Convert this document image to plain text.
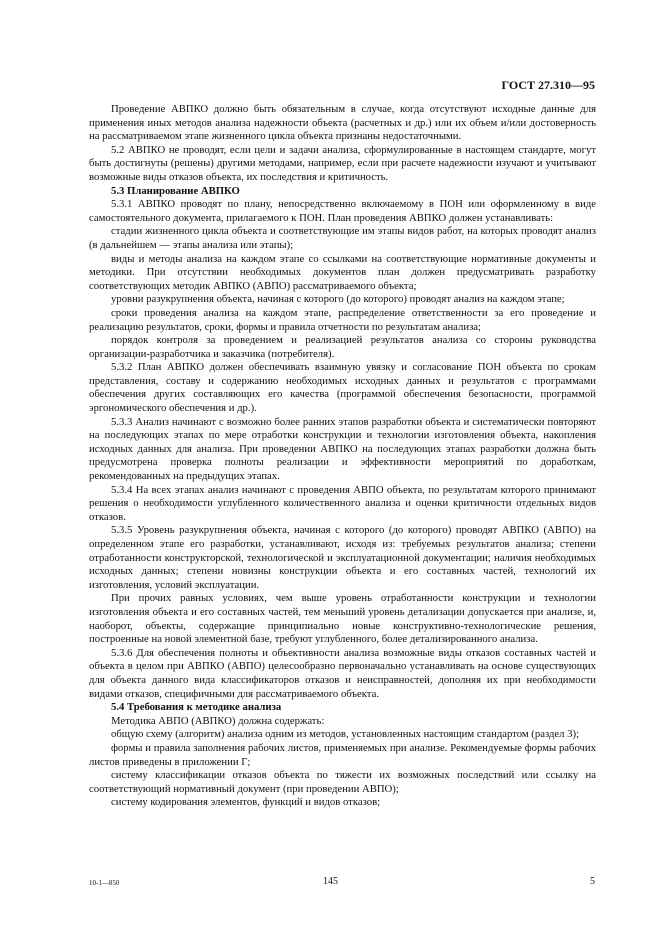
ГОСТ 27.310—95

Проведение АВПКО должно быть обязательным в случае, когда отсутствуют исходные данные для применения иных методов анализа надежности объекта (расчетных и др.) или их объем и/или достоверность на рассматриваемом этапе жизненного цикла объекта признаны недостаточными.

5.2 АВПКО не проводят, если цели и задачи анализа, сформулированные в настоящем стандарте, могут быть достигнуты (решены) другими методами, например, если при расчете надежности изучают и учитывают возможные виды отказов объекта, их последствия и критичность.

5.3 Планирование АВПКО

5.3.1 АВПКО проводят по плану, непосредственно включаемому в ПОН или оформленному в виде самостоятельного документа, прилагаемого к ПОН. План проведения АВПКО должен устанавливать:

стадии жизненного цикла объекта и соответствующие им этапы видов работ, на которых проводят анализ (в дальнейшем — этапы анализа или этапы);

виды и методы анализа на каждом этапе со ссылками на соответствующие нормативные документы и методики. При отсутствии необходимых документов план должен предусматривать разработку соответствующих методик АВПКО (АВПО) рассматриваемого объекта;

уровни разукрупнения объекта, начиная с которого (до которого) проводят анализ на каждом этапе;

сроки проведения анализа на каждом этапе, распределение ответственности за его проведение и реализацию результатов, сроки, формы и правила отчетности по результатам анализа;

порядок контроля за проведением и реализацией результатов анализа со стороны руководства организации-разработчика и заказчика (потребителя).

5.3.2 План АВПКО должен обеспечивать взаимную увязку и согласование ПОН объекта по срокам представления, составу и содержанию необходимых исходных данных и результатов с программами обеспечения других составляющих его качества (программой обеспечения безопасности, программой эргономического обеспечения и др.).

5.3.3 Анализ начинают с возможно более ранних этапов разработки объекта и систематически повторяют на последующих этапах по мере отработки конструкции и технологии изготовления объекта, накопления исходных данных для анализа. При проведении АВПКО на последующих этапах разработки должна быть предусмотрена проверка полноты реализации и эффективности мероприятий по доработкам, рекомендованных на предыдущих этапах.

5.3.4 На всех этапах анализ начинают с проведения АВПО объекта, по результатам которого принимают решения о необходимости углубленного количественного анализа и оценки критичности отдельных видов отказов.

5.3.5 Уровень разукрупнения объекта, начиная с которого (до которого) проводят АВПКО (АВПО) на определенном этапе его разработки, устанавливают, исходя из: требуемых результатов анализа; степени отработанности конструкторской, технологической и эксплуатационной документации; наличия необходимых исходных данных; степени новизны конструкции объекта и его составных частей, технологий их изготовления, условий эксплуатации.

При прочих равных условиях, чем выше уровень отработанности конструкции и технологии изготовления объекта и его составных частей, тем меньший уровень детализации допускается при анализе, и, наоборот, объекты, содержащие принципиально новые конструктивно-технологические решения, построенные на новой элементной базе, требуют углубленного, более детализированного анализа.

5.3.6 Для обеспечения полноты и объективности анализа возможные виды отказов составных частей и объекта в целом при АВПКО (АВПО) целесообразно первоначально устанавливать на основе существующих для объекта данного вида классификаторов отказов и неисправностей, дополняя их при необходимости видами отказов, специфичными для рассматриваемого объекта.

5.4 Требования к методике анализа

Методика АВПО (АВПКО) должна содержать:

общую схему (алгоритм) анализа одним из методов, установленных настоящим стандартом (раздел 3);

формы и правила заполнения рабочих листов, применяемых при анализе. Рекомендуемые формы рабочих листов приведены в приложении Г;

систему классификации отказов объекта по тяжести их возможных последствий или ссылку на соответствующий нормативный документ (при проведении АВПО);

систему кодирования элементов, функций и видов отказов;

10-1—850	145	5
